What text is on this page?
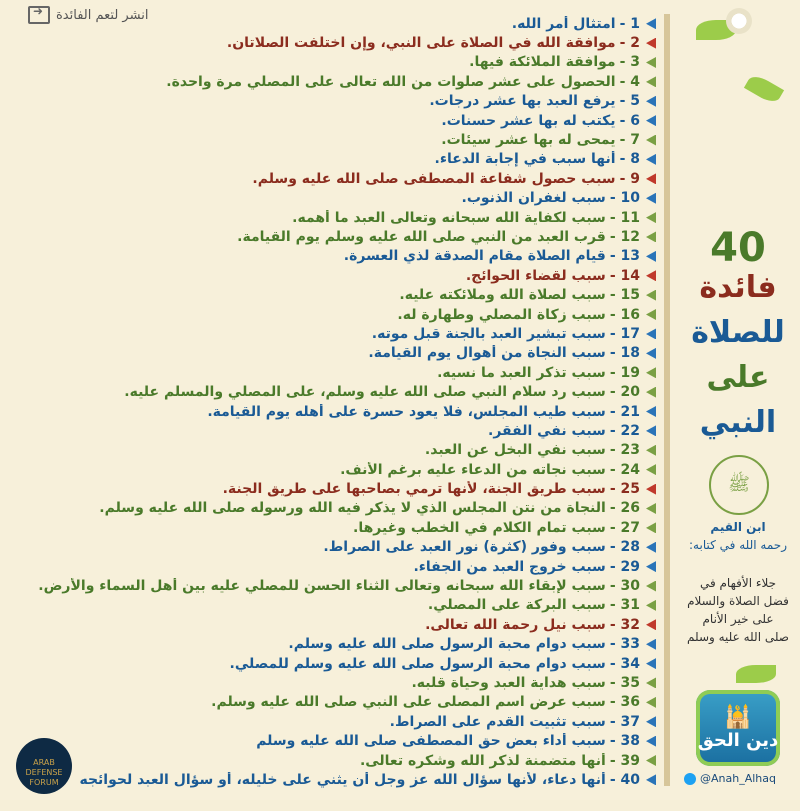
انشر لتعم الفائدة
➜
1 -
امتثال أمر الله.
2 -
موافقة الله في الصلاة على النبي، وإن اختلفت الصلاتان.
3 -
موافقة الملائكة فيها.
4 -
الحصول على عشر صلوات من الله تعالى على المصلي مرة واحدة.
5 -
يرفع العبد بها عشر درجات.
6 -
يكتب له بها عشر حسنات.
7 -
يمحى له بها عشر سيئات.
8 -
أنها سبب في إجابة الدعاء.
9 -
سبب حصول شفاعة المصطفى صلى الله عليه وسلم.
10 -
سبب لغفران الذنوب.
11 -
سبب لكفاية الله سبحانه وتعالى العبد ما أهمه.
12 -
قرب العبد من النبي صلى الله عليه وسلم يوم القيامة.
13 -
قيام الصلاة مقام الصدقة لذي العسرة.
14 -
سبب لقضاء الحوائج.
15 -
سبب لصلاة الله وملائكته عليه.
16 -
سبب زكاة المصلي وطهارة له.
17 -
سبب تبشير العبد بالجنة قبل موته.
18 -
سبب النجاة من أهوال يوم القيامة.
19 -
سبب تذكر العبد ما نسيه.
20 -
سبب رد سلام النبي صلى الله عليه وسلم، على المصلي والمسلم عليه.
21 -
سبب طيب المجلس، فلا يعود حسرة على أهله يوم القيامة.
22 -
سبب نفي الفقر.
23 -
سبب نفي البخل عن العبد.
24 -
سبب نجاته من الدعاء عليه برغم الأنف.
25 -
سبب طريق الجنة، لأنها ترمي بصاحبها على طريق الجنة.
26 -
النجاة من نتن المجلس الذي لا يذكر فيه الله ورسوله صلى الله عليه وسلم.
27 -
سبب تمام الكلام في الخطب وغيرها.
28 -
سبب وفور (كثرة) نور العبد على الصراط.
29 -
سبب خروج العبد من الجفاء.
30 -
سبب لإبقاء الله سبحانه وتعالى الثناء الحسن للمصلي عليه بين أهل السماء والأرض.
31 -
سبب البركة على المصلي.
32 -
سبب نيل رحمة الله تعالى.
33 -
سبب دوام محبة الرسول صلى الله عليه وسلم.
34 -
سبب دوام محبة الرسول صلى الله عليه وسلم للمصلي.
35 -
سبب هداية العبد وحياة قلبه.
36 -
سبب عرض اسم المصلى على النبي صلى الله عليه وسلم.
37 -
سبب تثبيت القدم على الصراط.
38 -
سبب أداء بعض حق المصطفى صلى الله عليه وسلم
39 -
أنها متضمنة لذكر الله وشكره تعالى.
40 -
أنها دعاء، لأنها سؤال الله عز وجل أن يثني على خليله، أو سؤال العبد لحوائجه
40
فائدة
للصلاة
على
النبي
ﷺ
ابن القيم
رحمه الله في كتابه:
جلاء الأفهام في
فضل الصلاة والسلام
على خير الأنام
صلى الله عليه وسلم
🕌
دين الحق
@Anah_Alhaq
ARAB DEFENSE FORUM
